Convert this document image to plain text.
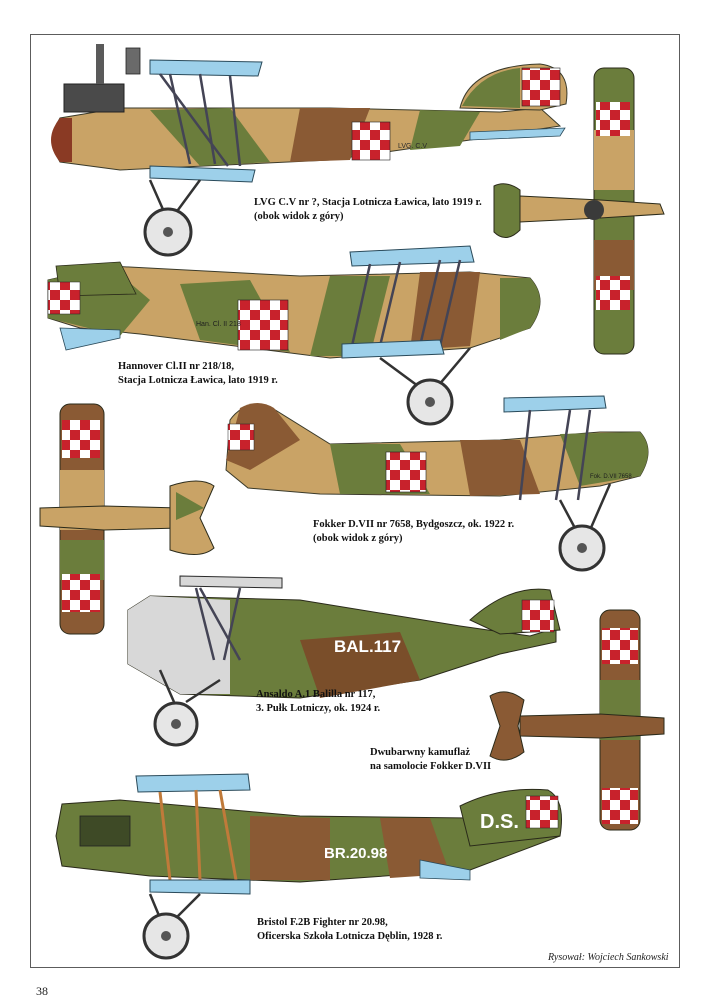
LVG. C.V
Han. Cl. II 218
Fok. D.VII 7658
BAL.117
D.S.
BR.20.98
LVG C.V nr ?, Stacja Lotnicza Ławica, lato 1919 r.
(obok widok z góry)
Hannover Cl.II nr 218/18,
Stacja Lotnicza Ławica, lato 1919 r.
Fokker D.VII nr 7658, Bydgoszcz, ok. 1922 r.
(obok widok z góry)
Ansaldo A.1 Balilla nr 117,
3. Pułk Lotniczy, ok. 1924 r.
Dwubarwny kamuflaż
na samolocie Fokker D.VII
Bristol F.2B Fighter nr 20.98,
Oficerska Szkoła Lotnicza Dęblin, 1928 r.
Rysował: Wojciech Sankowski
38
